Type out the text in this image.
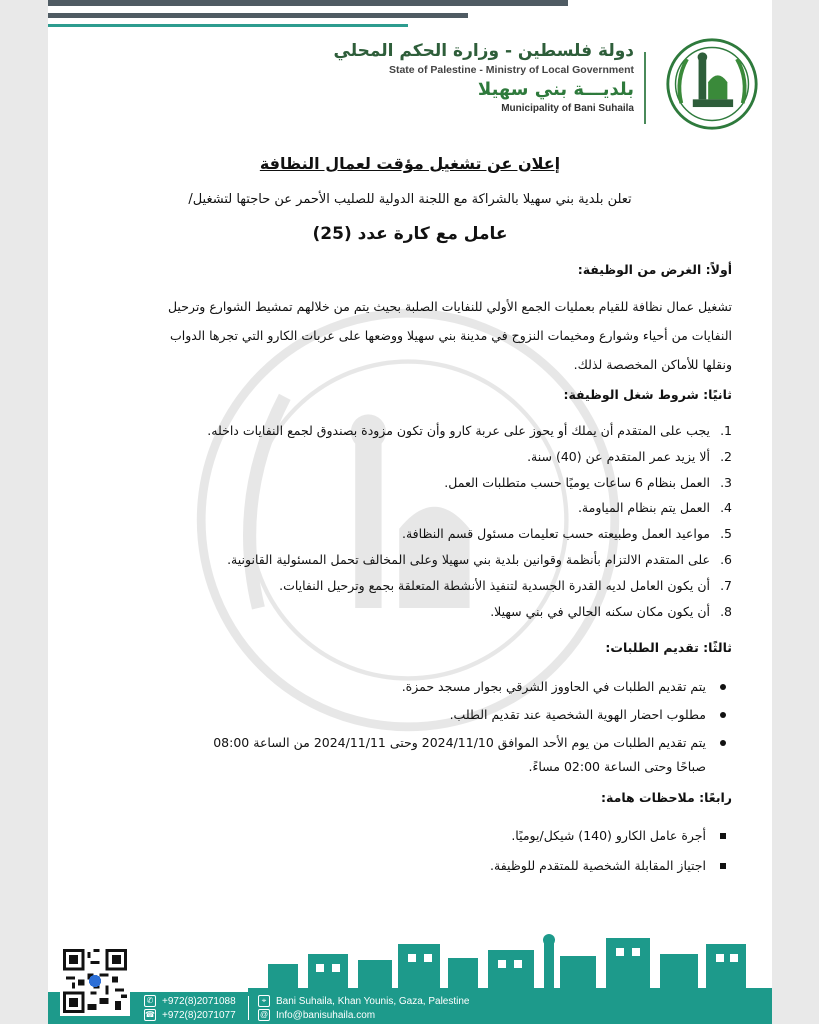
دولة فلسطين - وزارة الحكم المحلي
State of Palestine - Ministry of Local Government
بلديـــة بني سهيلا
Municipality of Bani Suhaila
إعلان عن تشغيل مؤقت لعمال النظافة
تعلن بلدية بني سهيلا بالشراكة مع اللجنة الدولية للصليب الأحمر عن حاجتها لتشغيل/
عامل مع كارة عدد (25)
أولاً: الغرض من الوظيفة:
تشغيل عمال نظافة للقيام بعمليات الجمع الأولي للنفايات الصلبة بحيث يتم من خلالهم تمشيط الشوارع وترحيل
النفايات من أحياء وشوارع ومخيمات النزوح في مدينة بني سهيلا ووضعها على عربات الكارو التي تجرها الدواب
ونقلها للأماكن المخصصة لذلك.
ثانيًا: شروط شغل الوظيفة:
1.
يجب على المتقدم أن يملك أو يحوز على عربة كارو وأن تكون مزودة بصندوق لجمع النفايات داخله.
2.
ألا يزيد عمر المتقدم عن (40) سنة.
3.
العمل بنظام 6 ساعات يوميًا حسب متطلبات العمل.
4.
العمل يتم بنظام المياومة.
5.
مواعيد العمل وطبيعته حسب تعليمات مسئول قسم النظافة.
6.
على المتقدم الالتزام بأنظمة وقوانين بلدية بني سهيلا وعلى المخالف تحمل المسئولية القانونية.
7.
أن يكون العامل لديه القدرة الجسدية لتنفيذ الأنشطة المتعلقة بجمع وترحيل النفايات.
8.
أن يكون مكان سكنه الحالي في بني سهيلا.
ثالثًا: تقديم الطلبات:
يتم تقديم الطلبات في الحاووز الشرقي بجوار مسجد حمزة.
مطلوب احضار الهوية الشخصية عند تقديم الطلب.
يتم تقديم الطلبات من يوم الأحد الموافق 2024/11/10 وحتى 2024/11/11 من الساعة 08:00
صباحًا وحتى الساعة 02:00 مساءً.
رابعًا: ملاحظات هامة:
أجرة عامل الكارو (140) شيكل/يوميًا.
اجتياز المقابلة الشخصية للمتقدم للوظيفة.
✆ +972(8)2071088
☎ +972(8)2071077
⌖ Bani Suhaila, Khan Younis, Gaza, Palestine
@ Info@banisuhaila.com
